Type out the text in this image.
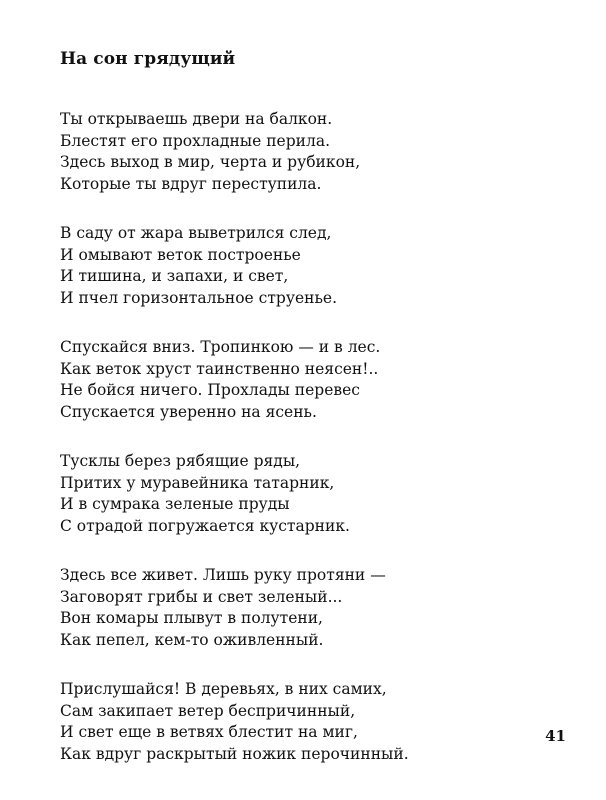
На сон грядущий
Ты открываешь двери на балкон.
Блестят его прохладные перила.
Здесь выход в мир, черта и рубикон,
Которые ты вдруг переступила.
В саду от жара выветрился след,
И омывают веток построенье
И тишина, и запахи, и свет,
И пчел горизонтальное струенье.
Спускайся вниз. Тропинкою — и в лес.
Как веток хруст таинственно неясен!..
Не бойся ничего. Прохлады перевес
Спускается уверенно на ясень.
Тусклы берез рябящие ряды,
Притих у муравейника татарник,
И в сумрака зеленые пруды
С отрадой погружается кустарник.
Здесь все живет. Лишь руку протяни —
Заговорят грибы и свет зеленый...
Вон комары плывут в полутени,
Как пепел, кем-то оживленный.
Прислушайся! В деревьях, в них самих,
Сам закипает ветер беспричинный,
И свет еще в ветвях блестит на миг,
Как вдруг раскрытый ножик перочинный.
41
